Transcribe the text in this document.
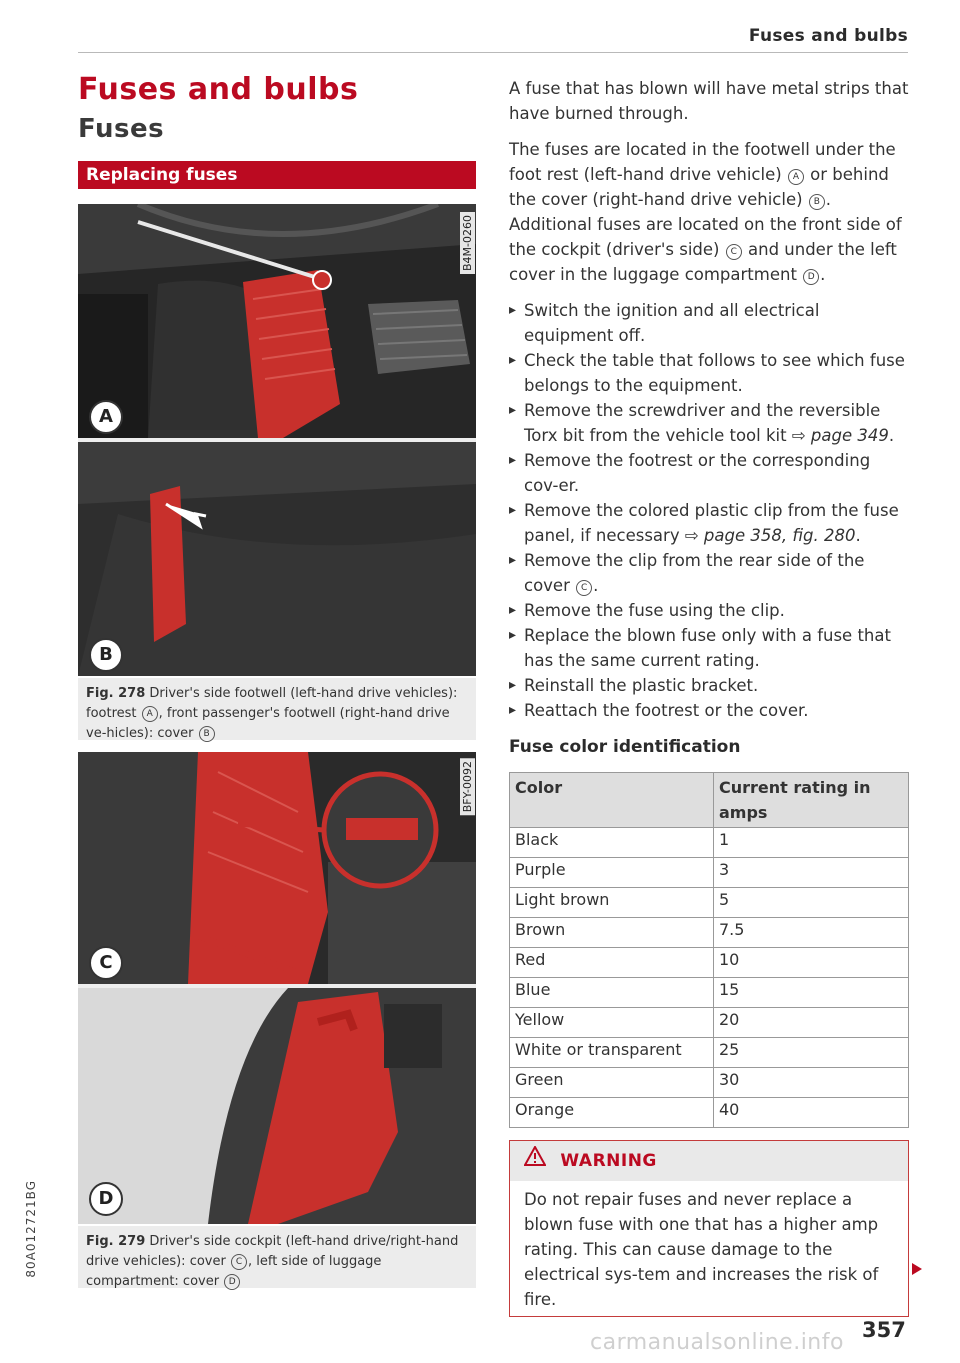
Fuses and bulbs
Fuses and bulbs
Fuses
Replacing fuses
B4M-0260
A
B
Fig. 278 Driver's side footwell (left-hand drive vehicles): footrest A , front passenger's footwell (right-hand drive ve-hicles): cover B
BFY-0092
C
D
Fig. 279 Driver's side cockpit (left-hand drive/right-hand drive vehicles): cover C , left side of luggage compartment: cover D

A fuse that has blown will have metal strips that have burned through.

The fuses are located in the footwell under the foot rest (left-hand drive vehicle) A or behind the cover (right-hand drive vehicle) B . Additional fuses are located on the front side of the cockpit (driver's side) C and under the left cover in the luggage compartment D .

▸ Switch the ignition and all electrical equipment off.
▸ Check the table that follows to see which fuse belongs to the equipment.
▸ Remove the screwdriver and the reversible Torx bit from the vehicle tool kit ⇨ page 349.
▸ Remove the footrest or the corresponding cov-er.
▸ Remove the colored plastic clip from the fuse panel, if necessary ⇨ page 358, fig. 280.
▸ Remove the clip from the rear side of the cover C .
▸ Remove the fuse using the clip.
▸ Replace the blown fuse only with a fuse that has the same current rating.
▸ Reinstall the plastic bracket.
▸ Reattach the footrest or the cover.
Fuse color identification
Color	Current rating in amps
Black	1
Purple	3
Light brown	5
Brown	7.5
Red	10
Blue	15
Yellow	20
White or transparent	25
Green	30
Orange	40
WARNING
Do not repair fuses and never replace a blown fuse with one that has a higher amp rating. This can cause damage to the electrical sys-tem and increases the risk of fire.
80A012721BG
357
carmanualsonline.info
